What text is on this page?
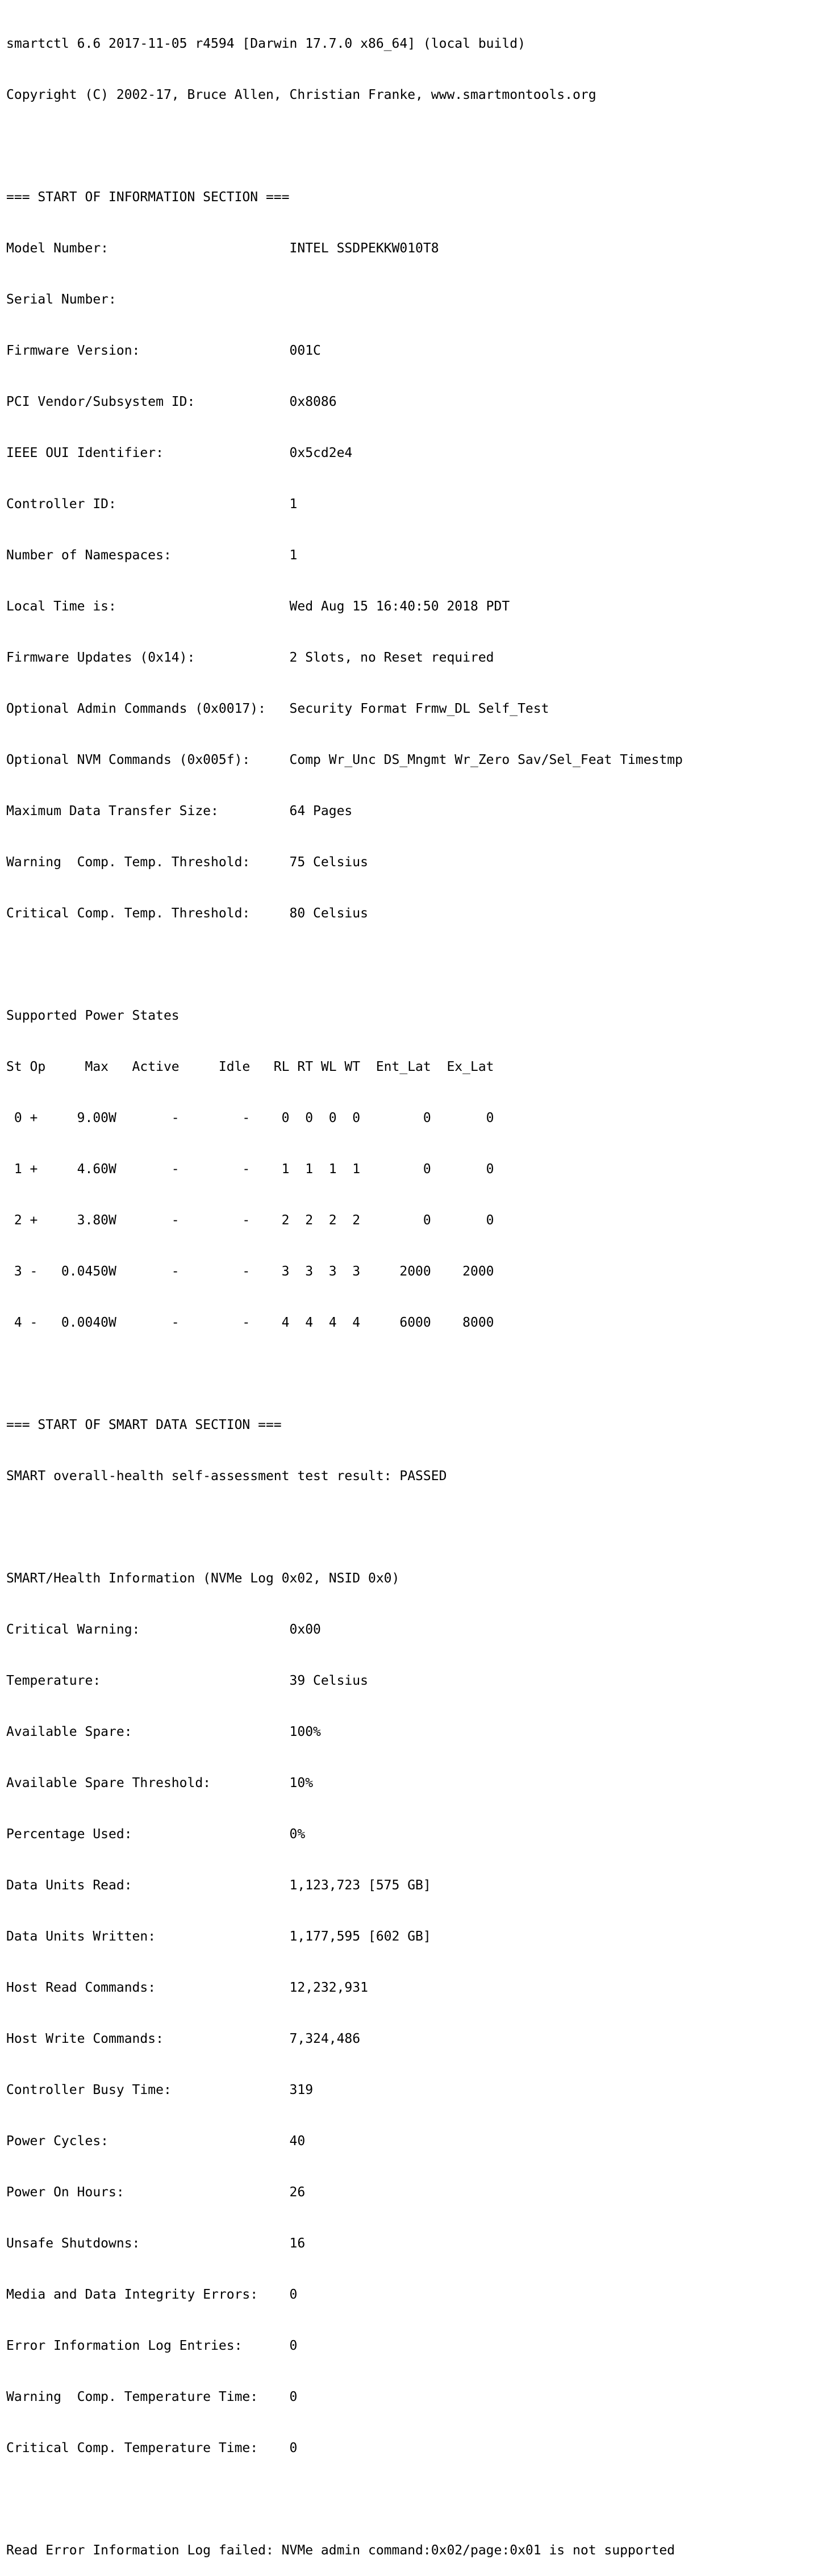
smartctl 6.6 2017-11-05 r4594 [Darwin 17.7.0 x86_64] (local build)

Copyright (C) 2002-17, Bruce Allen, Christian Franke, www.smartmontools.org

=== START OF INFORMATION SECTION ===

Model Number:                       INTEL SSDPEKKW010T8

Serial Number:

Firmware Version:                   001C

PCI Vendor/Subsystem ID:            0x8086

IEEE OUI Identifier:                0x5cd2e4

Controller ID:                      1

Number of Namespaces:               1

Local Time is:                      Wed Aug 15 16:40:50 2018 PDT

Firmware Updates (0x14):            2 Slots, no Reset required

Optional Admin Commands (0x0017):   Security Format Frmw_DL Self_Test

Optional NVM Commands (0x005f):     Comp Wr_Unc DS_Mngmt Wr_Zero Sav/Sel_Feat Timestmp

Maximum Data Transfer Size:         64 Pages

Warning  Comp. Temp. Threshold:     75 Celsius

Critical Comp. Temp. Threshold:     80 Celsius

Supported Power States

St Op     Max   Active     Idle   RL RT WL WT  Ent_Lat  Ex_Lat

0 +     9.00W       -        -    0  0  0  0        0       0

1 +     4.60W       -        -    1  1  1  1        0       0

2 +     3.80W       -        -    2  2  2  2        0       0

3 -   0.0450W       -        -    3  3  3  3     2000    2000

4 -   0.0040W       -        -    4  4  4  4     6000    8000

=== START OF SMART DATA SECTION ===

SMART overall-health self-assessment test result: PASSED

SMART/Health Information (NVMe Log 0x02, NSID 0x0)

Critical Warning:                   0x00

Temperature:                        39 Celsius

Available Spare:                    100%

Available Spare Threshold:          10%

Percentage Used:                    0%

Data Units Read:                    1,123,723 [575 GB]

Data Units Written:                 1,177,595 [602 GB]

Host Read Commands:                 12,232,931

Host Write Commands:                7,324,486

Controller Busy Time:               319

Power Cycles:                       40

Power On Hours:                     26

Unsafe Shutdowns:                   16

Media and Data Integrity Errors:    0

Error Information Log Entries:      0

Warning  Comp. Temperature Time:    0

Critical Comp. Temperature Time:    0

Read Error Information Log failed: NVMe admin command:0x02/page:0x01 is not supported
